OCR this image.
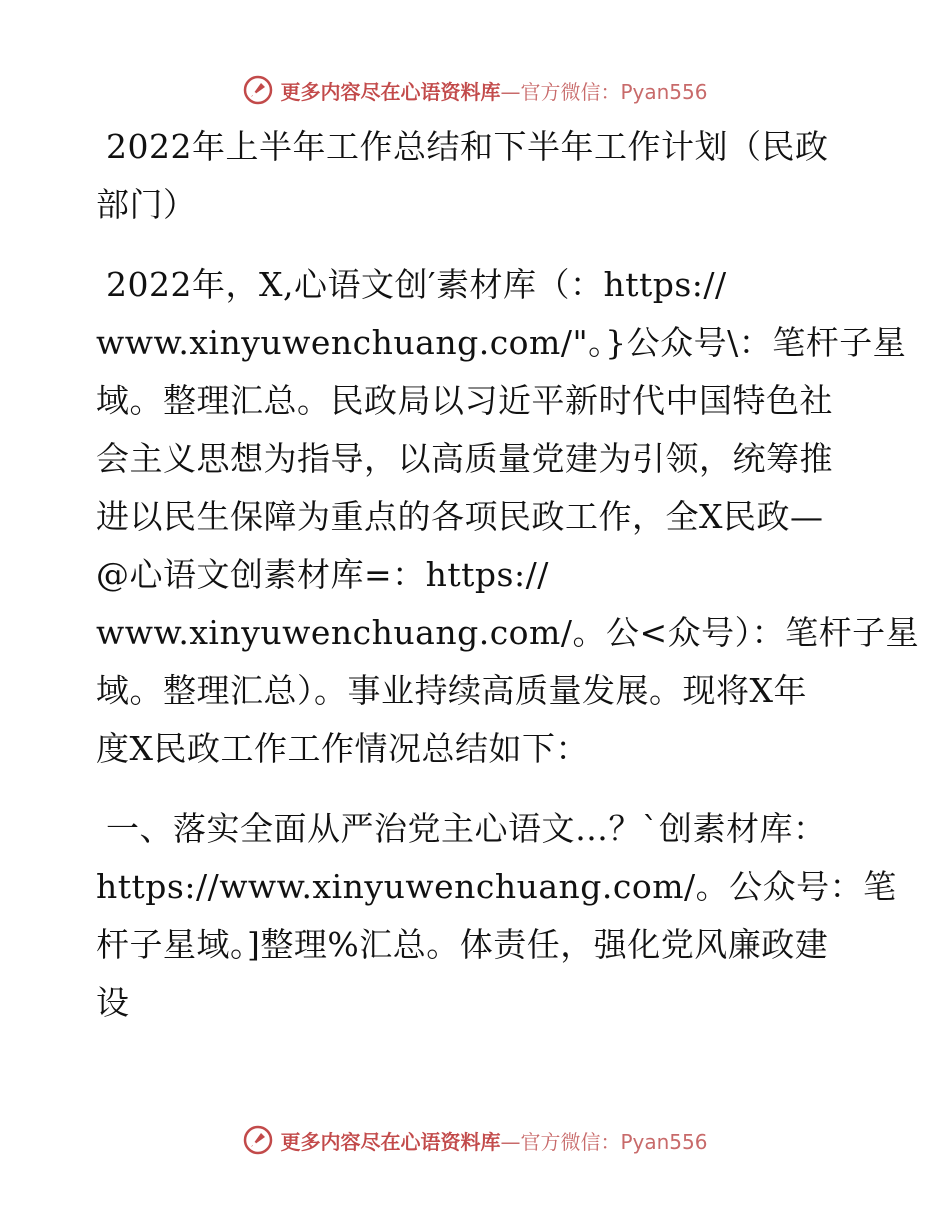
更多内容尽在心语资料库—官方微信：Pyan556
2022年上半年工作总结和下半年工作计划（民政
部门）
2022年，X,心语文创′素材库（：https://
www.xinyuwenchuang.com/"。}公众号\：笔杆子星
域。整理汇总。民政局以习近平新时代中国特色社
会主义思想为指导，以高质量党建为引领，统筹推
进以民生保障为重点的各项民政工作，全X民政—
@心语文创素材库=：https://
www.xinyuwenchuang.com/。公<众号）：笔杆子星
域。整理汇总）。事业持续高质量发展。现将X年
度X民政工作工作情况总结如下：
一、落实全面从严治党主心语文…？`创素材库：
https://www.xinyuwenchuang.com/。公众号：笔
杆子星域。]整理%汇总。体责任，强化党风廉政建
设
更多内容尽在心语资料库—官方微信：Pyan556
